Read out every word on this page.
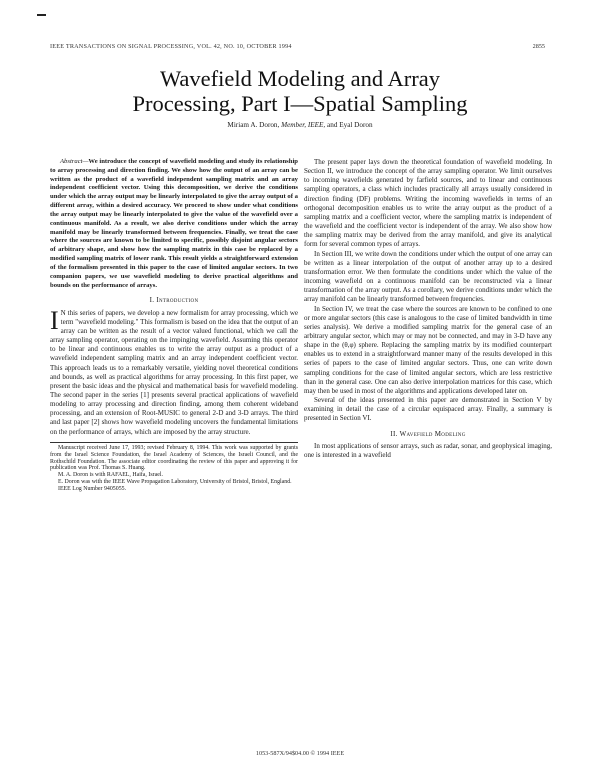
IEEE TRANSACTIONS ON SIGNAL PROCESSING, VOL. 42, NO. 10, OCTOBER 1994	2855
Wavefield Modeling and Array
Processing, Part I—Spatial Sampling
Miriam A. Doron, Member, IEEE, and Eyal Doron

Abstract—We introduce the concept of wavefield modeling and study its relationship to array processing and direction finding. We show how the output of an array can be written as the product of a wavefield independent sampling matrix and an array independent coefficient vector. Using this decomposition, we derive the conditions under which the array output may be linearly interpolated to give the array output of a different array, within a desired accuracy. We proceed to show under what conditions the array output may be linearly interpolated to give the value of the wavefield over a continuous manifold. As a result, we also derive conditions under which the array manifold may be linearly transformed between frequencies. Finally, we treat the case where the sources are known to be limited to specific, possibly disjoint angular sectors of arbitrary shape, and show how the sampling matrix in this case be replaced by a modified sampling matrix of lower rank. This result yields a straightforward extension of the formalism presented in this paper to the case of limited angular sectors. In two companion papers, we use wavefield modeling to derive practical algorithms and bounds on the performance of arrays.

I. Introduction

I N this series of papers, we develop a new formalism for array processing, which we term "wavefield modeling." This formalism is based on the idea that the output of an array can be written as the result of a vector valued functional, which we call the array sampling operator, operating on the impinging wavefield. Assuming this operator to be linear and continuous enables us to write the array output as a product of a wavefield independent sampling matrix and an array independent coefficient vector. This approach leads us to a remarkably versatile, yielding novel theoretical conditions and bounds, as well as practical algorithms for array processing. In this first paper, we present the basic ideas and the physical and mathematical basis for wavefield modeling. The second paper in the series [1] presents several practical applications of wavefield modeling to array processing and direction finding, among them coherent wideband processing, and an extension of Root-MUSIC to general 2-D and 3-D arrays. The third and last paper [2] shows how wavefield modeling uncovers the fundamental limitations on the performance of arrays, which are imposed by the array structure.

Manuscript received June 17, 1993; revised February 8, 1994. This work was supported by grants from the Israel Science Foundation, the Israel Academy of Sciences, the Israeli Council, and the Rothschild Foundation. The associate editor coordinating the review of this paper and approving it for publication was Prof. Thomas S. Huang.
M. A. Doron is with RAFAEL, Haifa, Israel.
E. Doron was with the IEEE Wave Propagation Laboratory, University of Bristol, Bristol, England.
IEEE Log Number 9405055.

The present paper lays down the theoretical foundation of wavefield modeling. In Section II, we introduce the concept of the array sampling operator. We limit ourselves to incoming wavefields generated by farfield sources, and to linear and continuous sampling operators, a class which includes practically all arrays usually considered in direction finding (DF) problems. Writing the incoming wavefields in terms of an orthogonal decomposition enables us to write the array output as the product of a sampling matrix and a coefficient vector, where the sampling matrix is independent of the wavefield and the coefficient vector is independent of the array. We also show how the sampling matrix may be derived from the array manifold, and give its analytical form for several common types of arrays.

In Section III, we write down the conditions under which the output of one array can be written as a linear interpolation of the output of another array up to a desired transformation error. We then formulate the conditions under which the value of the incoming wavefield on a continuous manifold can be reconstructed via a linear transformation of the array output. As a corollary, we derive conditions under which the array manifold can be linearly transformed between frequencies.

In Section IV, we treat the case where the sources are known to be confined to one or more angular sectors (this case is analogous to the case of limited bandwidth in time series analysis). We derive a modified sampling matrix for the general case of an arbitrary angular sector, which may or may not be connected, and may in 3-D have any shape in the (θ,φ) sphere. Replacing the sampling matrix by its modified counterpart enables us to extend in a straightforward manner many of the results developed in this series of papers to the case of limited angular sectors. Thus, one can write down sampling conditions for the case of limited angular sectors, which are less restrictive than in the general case. One can also derive interpolation matrices for this case, which may then be used in most of the algorithms and applications developed later on.

Several of the ideas presented in this paper are demonstrated in Section V by examining in detail the case of a circular equispaced array. Finally, a summary is presented in Section VI.

II. Wavefield Modeling

In most applications of sensor arrays, such as radar, sonar, and geophysical imaging, one is interested in a wavefield

1053-587X/94$04.00 © 1994 IEEE
